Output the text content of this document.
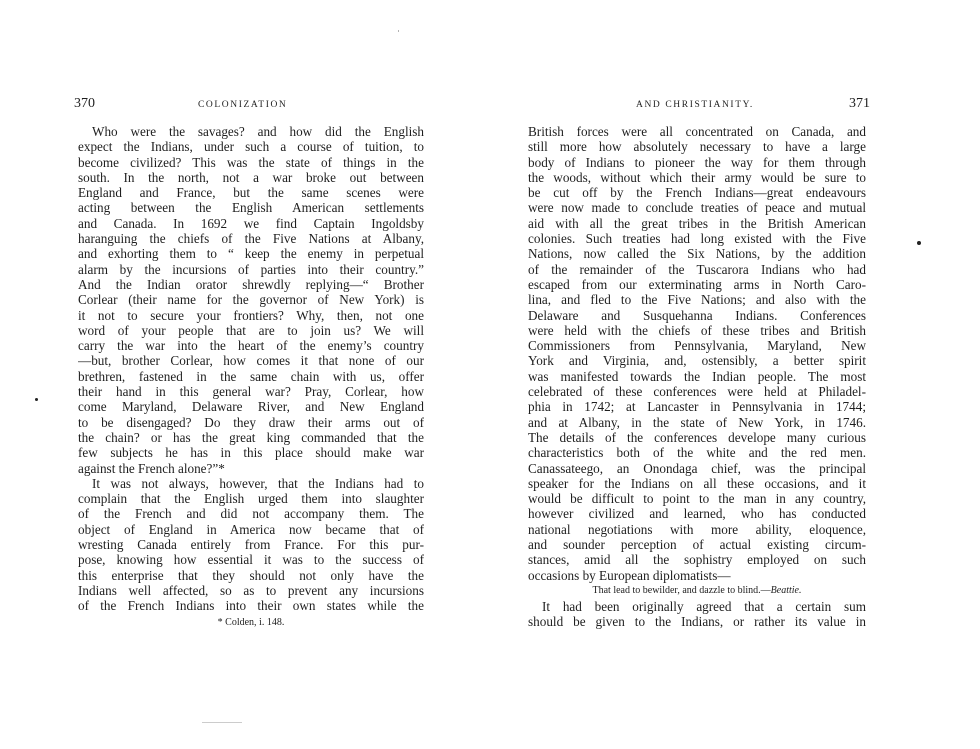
370	COLONIZATION
Who were the savages? and how did the English
expect the Indians, under such a course of tuition, to
become civilized? This was the state of things in the
south. In the north, not a war broke out between
England and France, but the same scenes were
acting between the English American settlements
and Canada. In 1692 we find Captain Ingoldsby
haranguing the chiefs of the Five Nations at Albany,
and exhorting them to “ keep the enemy in perpetual
alarm by the incursions of parties into their country.”
And the Indian orator shrewdly replying—“ Brother
Corlear (their name for the governor of New York) is
it not to secure your frontiers? Why, then, not one
word of your people that are to join us? We will
carry the war into the heart of the enemy’s country
—but, brother Corlear, how comes it that none of our
brethren, fastened in the same chain with us, offer
their hand in this general war? Pray, Corlear, how
come Maryland, Delaware River, and New England
to be disengaged? Do they draw their arms out of
the chain? or has the great king commanded that the
few subjects he has in this place should make war
against the French alone?”*
It was not always, however, that the Indians had to
complain that the English urged them into slaughter
of the French and did not accompany them. The
object of England in America now became that of
wresting Canada entirely from France. For this pur-
pose, knowing how essential it was to the success of
this enterprise that they should not only have the
Indians well affected, so as to prevent any incursions
of the French Indians into their own states while the
* Colden, i. 148.
AND CHRISTIANITY.	371
British forces were all concentrated on Canada, and
still more how absolutely necessary to have a large
body of Indians to pioneer the way for them through
the woods, without which their army would be sure to
be cut off by the French Indians—great endeavours
were now made to conclude treaties of peace and mutual
aid with all the great tribes in the British American
colonies. Such treaties had long existed with the Five
Nations, now called the Six Nations, by the addition
of the remainder of the Tuscarora Indians who had
escaped from our exterminating arms in North Caro-
lina, and fled to the Five Nations; and also with the
Delaware and Susquehanna Indians. Conferences
were held with the chiefs of these tribes and British
Commissioners from Pennsylvania, Maryland, New
York and Virginia, and, ostensibly, a better spirit
was manifested towards the Indian people. The most
celebrated of these conferences were held at Philadel-
phia in 1742; at Lancaster in Pennsylvania in 1744;
and at Albany, in the state of New York, in 1746.
The details of the conferences develope many curious
characteristics both of the white and the red men.
Canassateego, an Onondaga chief, was the principal
speaker for the Indians on all these occasions, and it
would be difficult to point to the man in any country,
however civilized and learned, who has conducted
national negotiations with more ability, eloquence,
and sounder perception of actual existing circum-
stances, amid all the sophistry employed on such
occasions by European diplomatists—
That lead to bewilder, and dazzle to blind.—Beattie.
It had been originally agreed that a certain sum
should be given to the Indians, or rather its value in
